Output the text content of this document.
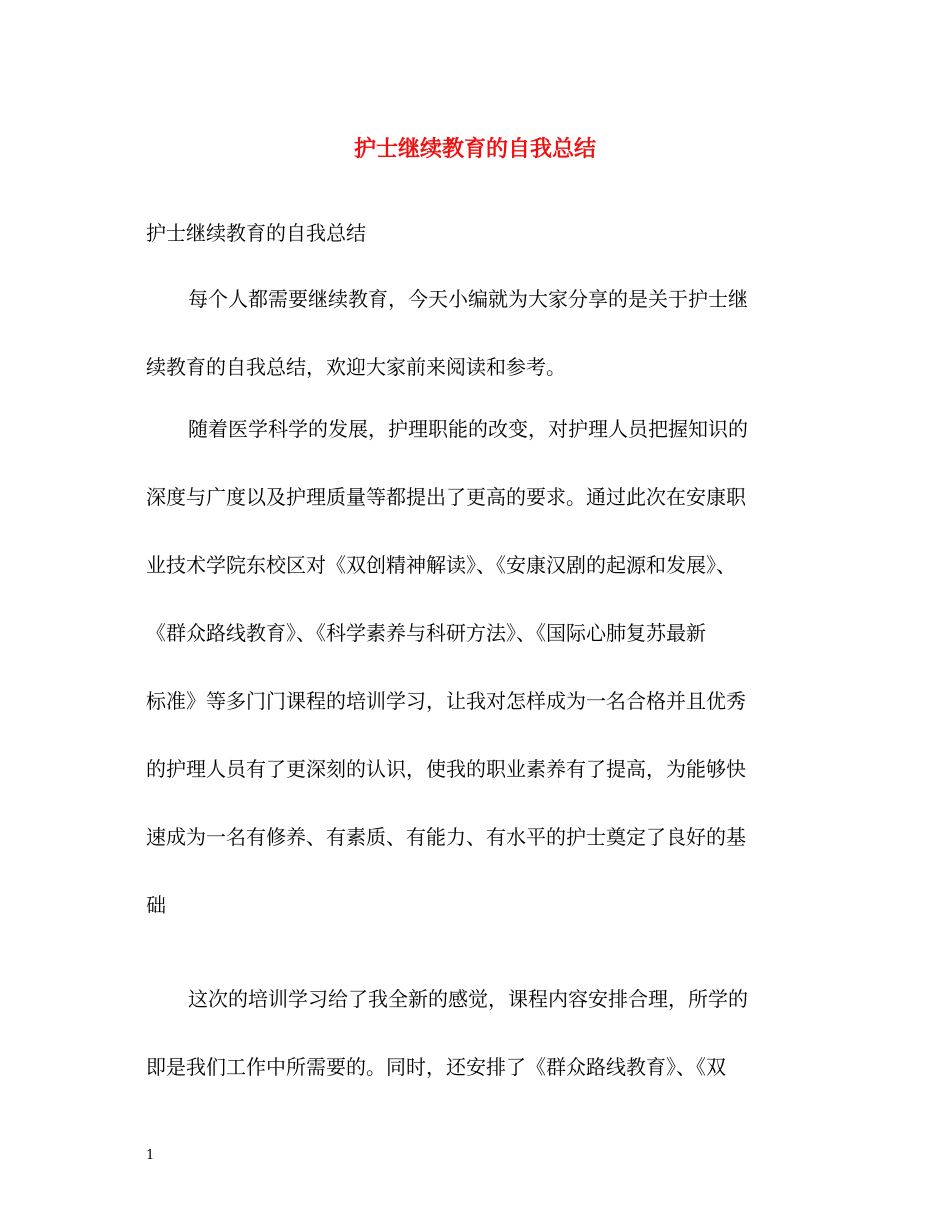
护士继续教育的自我总结
护士继续教育的自我总结
每个人都需要继续教育，今天小编就为大家分享的是关于护士继
续教育的自我总结，欢迎大家前来阅读和参考。
随着医学科学的发展，护理职能的改变，对护理人员把握知识的
深度与广度以及护理质量等都提出了更高的要求。通过此次在安康职
业技术学院东校区对《双创精神解读》、《安康汉剧的起源和发展》、
《群众路线教育》、《科学素养与科研方法》、《国际心肺复苏最新
标准》等多门门课程的培训学习，让我对怎样成为一名合格并且优秀
的护理人员有了更深刻的认识，使我的职业素养有了提高，为能够快
速成为一名有修养、有素质、有能力、有水平的护士奠定了良好的基
础
这次的培训学习给了我全新的感觉，课程内容安排合理，所学的
即是我们工作中所需要的。同时，还安排了《群众路线教育》、《双
1
